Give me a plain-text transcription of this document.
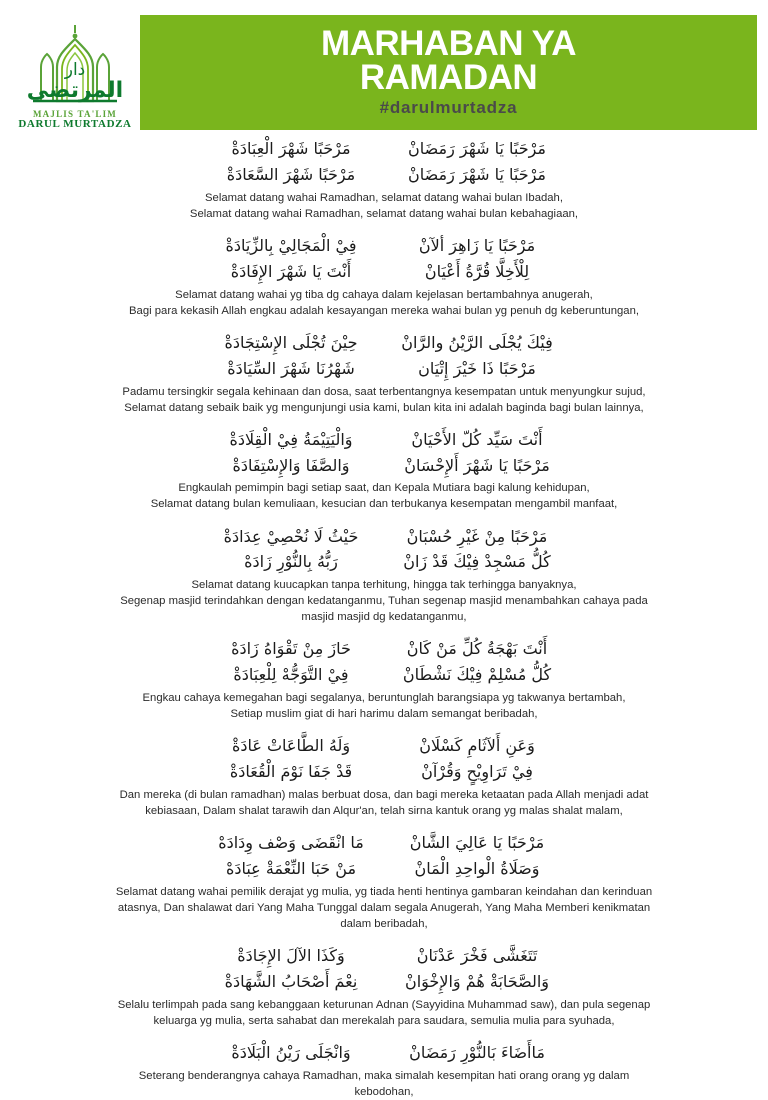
دار
المرتضى
MAJLIS TA'LIM
DARUL MURTADZA
MARHABAN YA
RAMADAN
#darulmurtadza
مَرْحَبًا يَا شَهْرَ رَمَضَانْمَرْحَبًا شَهْرَ الْعِبَادَةْ
مَرْحَبًا يَا شَهْرَ رَمَضَانْمَرْحَبًا شَهْرَ السَّعَادَةْ
Selamat datang wahai Ramadhan, selamat datang wahai bulan Ibadah,
Selamat datang wahai Ramadhan, selamat datang wahai bulan kebahagiaan,
مَرْحَبًا يَا زَاهِرَ ألآنْفِيْ الْمَجَالِيْ بِالزِّيَادَةْ
لِلْأَخِلَّا قُرَّةُ أَعْيَانْأَنْتَ يَا شَهْرَ الإِفَادَةْ
Selamat datang wahai yg tiba dg cahaya dalam kejelasan bertambahnya anugerah,
Bagi para kekasih Allah engkau adalah kesayangan mereka wahai bulan yg penuh dg keberuntungan,
فِيْكَ يُجْلَى الرَّيْنُ والرَّانْحِيْنَ تُجْلَى الإِسْتِجَادَةْ
مَرْحَبًا ذَا خَيْرَ إِتْيَانشَهْرُنَا شَهْرَ السِّيَادَةْ
Padamu tersingkir segala kehinaan dan dosa, saat terbentangnya kesempatan untuk menyungkur sujud,
Selamat datang sebaik baik yg mengunjungi usia kami, bulan kita ini adalah baginda bagi bulan lainnya,
أَنْتَ سَيِّد كُلّ الأَحْيَانْوَالْيَتِيْمَةُ فِيْ الْقِلَادَةْ
مَرْحَبًا يَا شَهْرَ أَلإِحْسَانْوَالصَّفَا وَالإِسْتِفَادَةْ
Engkaulah pemimpin bagi setiap saat, dan Kepala Mutiara bagi kalung kehidupan,
Selamat datang bulan kemuliaan, kesucian dan terbukanya kesempatan mengambil manfaat,
مَرْحَبًا مِنْ غَيْرِ حُسْبَانْحَيْثُ لَا نُحْصِيْ عِدَادَةْ
كُلُّ مَسْجِدْ فِيْكَ قَدْ زَانْرَبُّهُ بِالنُّوْرِ زَادَهْ
Selamat datang kuucapkan tanpa terhitung, hingga tak terhingga banyaknya,
Segenap masjid terindahkan dengan kedatanganmu, Tuhan segenap masjid menambahkan cahaya pada
masjid masjid dg kedatanganmu,
أَنْتَ بَهْجَةُ كُلِّ مَنْ كَانْحَازَ مِنْ تَقْوَاهُ زَادَهْ
كُلُّ مُسْلِمْ فِيْكَ نَشْطَانْفِيْ التَّوَجُّهْ لِلْعِبَادَةْ
Engkau cahaya kemegahan bagi segalanya, beruntunglah barangsiapa yg takwanya bertambah,
Setiap muslim giat di hari harimu dalam semangat beribadah,
وَعَنِ أَلآثَامِ كَسْلَانْوَلَهُ الطَّاعَاتْ عَادَةْ
فِيْ تَرَاوِيْحٍ وَقُرْآنْقَدْ جَفَا نَوْمَ الْقُعَادَةْ
Dan mereka (di bulan ramadhan) malas berbuat dosa, dan bagi mereka ketaatan pada Allah menjadi adat
kebiasaan, Dalam shalat tarawih dan Alqur'an, telah sirna kantuk orang yg malas shalat malam,
مَرْحَبًا يَا عَالِيَ الشَّانْمَا انْقَضَى وَصْف وِدَادَهْ
وَصَلَاةُ الْواحِدِ الْمَانْمَنْ حَبَا النِّعْمَةْ عِبَادَهْ
Selamat datang wahai pemilik derajat yg mulia, yg tiada henti hentinya gambaran keindahan dan kerinduan
atasnya, Dan shalawat dari Yang Maha Tunggal dalam segala Anugerah, Yang Maha Memberi kenikmatan
dalam beribadah,
تَتَغَشَّى فَخْرَ عَدْنَانْوَكَذَا الآلَ الإِجَادَةْ
وَالصَّحَابَةْ هُمْ وَالإِخْوَانْنِعْمَ أَصْحَابُ الشَّهَادَةْ
Selalu terlimpah pada sang kebanggaan keturunan Adnan (Sayyidina Muhammad saw), dan pula segenap
keluarga yg mulia, serta sahabat dan merekalah para saudara, semulia mulia para syuhada,
مَاأَضَاءَ بَالنُّوْرِ رَمَضَانْوَانْجَلَى رَيْنُ الْبَلَادَةْ
Seterang benderangnya cahaya Ramadhan, maka simalah kesempitan hati orang orang yg dalam
kebodohan,
